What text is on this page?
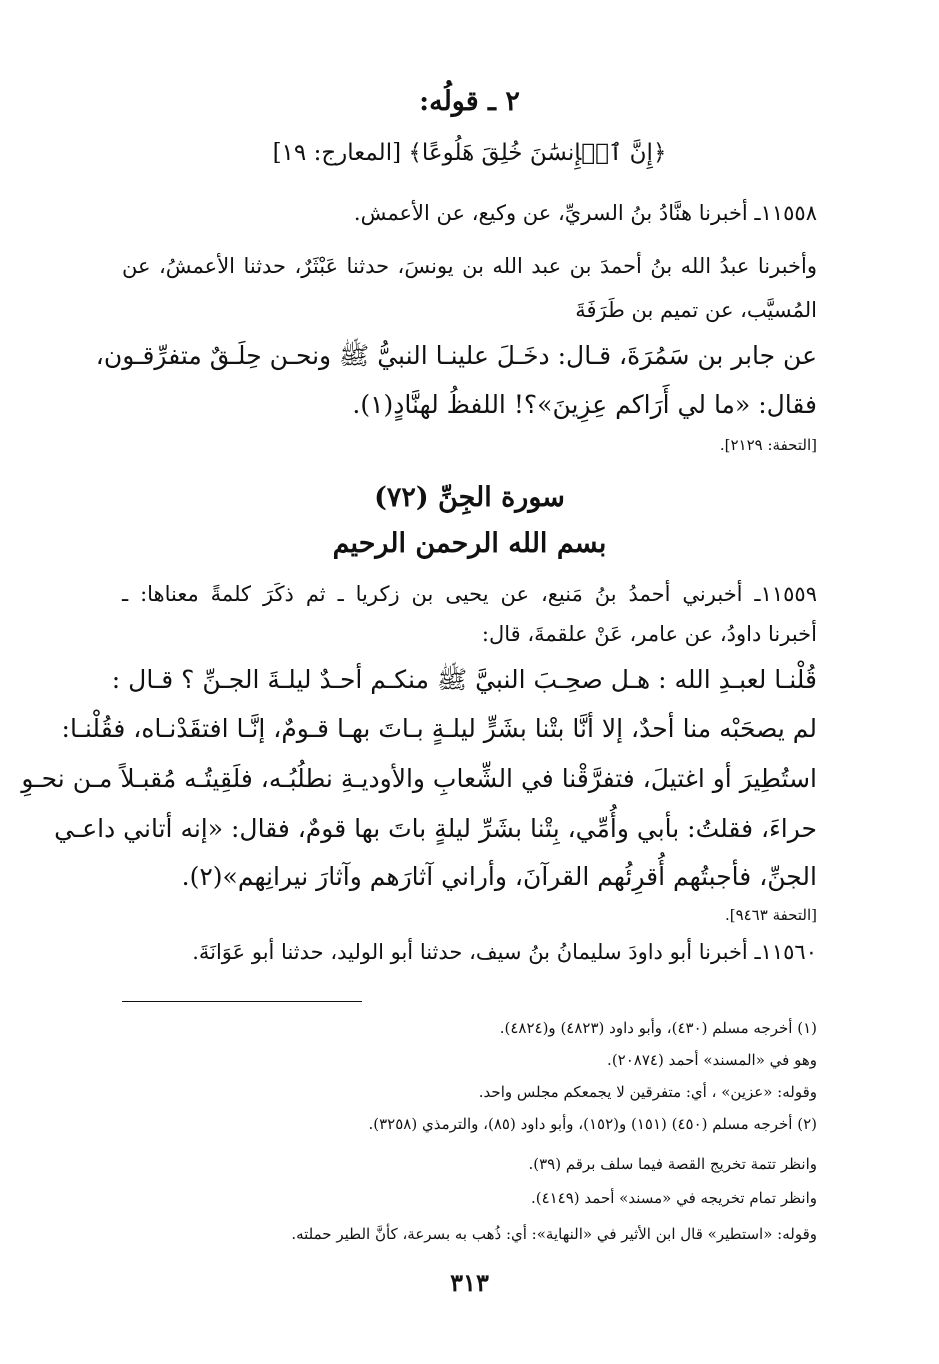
٢ ـ قولُه:
﴿إِنَّ ٱلۡإِنسَٰنَ خُلِقَ هَلُوعًا﴾ [المعارج: ١٩]
١١٥٥٨ـ أخبرنا هنَّادُ بنُ السريِّ، عن وكيع، عن الأعمش.
وأخبرنا عبدُ الله بنُ أحمدَ بن عبد الله بن يونسَ، حدثنا عَبْثَرٌ، حدثنا الأعمشُ، عن
المُسيَّب، عن تميم بن طَرَفَةَ
عن جابر بن سَمُرَةَ، قـال: دخَـلَ علينـا النبيُّ ﷺ ونحـن حِلَـقٌ متفرِّقـون،
فقال: «ما لي أَرَاكم عِزِينَ»؟! اللفظُ لهنَّادٍ(١).
[التحفة: ٢١٢٩].
سورة الجِنِّ (٧٢)
بسم الله الرحمن الرحيم
١١٥٥٩ـ أخبرني أحمدُ بنُ مَنيع، عن يحيى بن زكريا ـ ثم ذكَرَ كلمةً معناها: ـ
أخبرنا داودُ، عن عامر، عَنْ علقمةَ، قال:
قُلْنـا لعبـدِ الله : هـل صحِـبَ النبيَّ ﷺ منكـم أحـدٌ ليلـةَ الجـنِّ ؟ قـال :
لم يصحَبْه منا أحدٌ، إلا أنَّا بتْنا بشَرٍّ ليلـةٍ بـاتَ بهـا قـومٌ، إنَّـا افتقَدْنـاه، فقُلْنـا:
استُطِيرَ أو اغتيلَ، فتفرَّقْنا في الشِّعابِ والأوديـةِ نطلُبُـه، فلَقِيتُـه مُقبـلاً مـن نحـوِ
حراءَ، فقلتُ: بأبي وأُمِّي، بِتْنا بشَرِّ ليلةٍ باتَ بها قومٌ، فقال: «إنه أتاني داعـي
الجنِّ، فأجبتُهم أُقرِئُهم القرآنَ، وأراني آثارَهم وآثارَ نيرانِهم»(٢).
[التحفة ٩٤٦٣].
١١٥٦٠ـ أخبرنا أبو داودَ سليمانُ بنُ سيف، حدثنا أبو الوليد، حدثنا أبو عَوَانَةَ.
(١) أخرجه مسلم (٤٣٠)، وأبو داود (٤٨٢٣) و(٤٨٢٤).
وهو في «المسند» أحمد (٢٠٨٧٤).
وقوله: «عزين» ، أي: متفرقين لا يجمعكم مجلس واحد.
(٢) أخرجه مسلم (٤٥٠) (١٥١) و(١٥٢)، وأبو داود (٨٥)، والترمذي (٣٢٥٨).
وانظر تتمة تخريج القصة فيما سلف برقم (٣٩).
وانظر تمام تخريجه في «مسند» أحمد (٤١٤٩).
وقوله: «استطير» قال ابن الأثير في «النهاية»: أي: ذُهب به بسرعة، كأنَّ الطير حملته.
٣١٣
